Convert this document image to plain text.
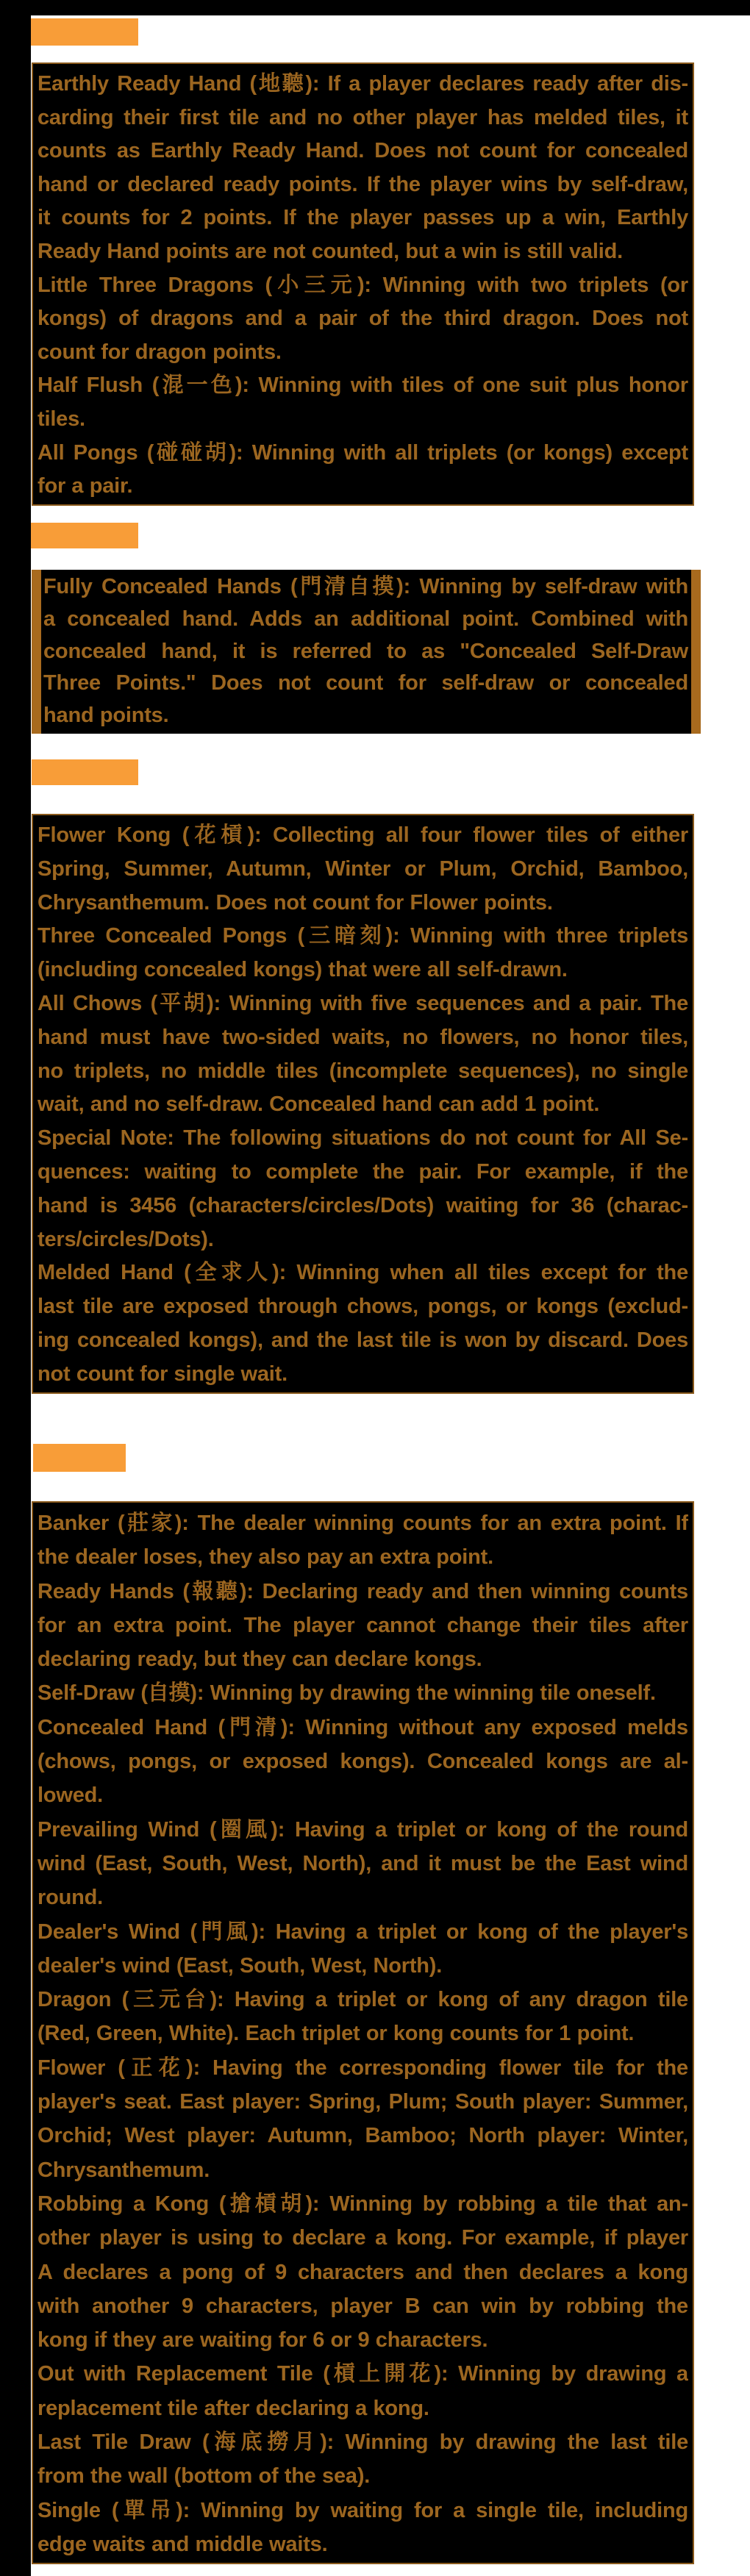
Earthly Ready Hand (地聽): If a player declares ready after dis-
carding their first tile and no other player has melded tiles, it
counts as Earthly Ready Hand. Does not count for concealed
hand or declared ready points. If the player wins by self-draw,
it counts for 2 points. If the player passes up a win, Earthly
Ready Hand points are not counted, but a win is still valid.
Little Three Dragons (小三元): Winning with two triplets (or
kongs) of dragons and a pair of the third dragon. Does not
count for dragon points.
Half Flush (混一色): Winning with tiles of one suit plus honor
tiles.
All Pongs (碰碰胡): Winning with all triplets (or kongs) except
for a pair.
Fully Concealed Hands (門清自摸): Winning by self-draw with
a concealed hand. Adds an additional point. Combined with
concealed hand, it is referred to as "Concealed Self-Draw
Three Points." Does not count for self-draw or concealed
hand points.
Flower Kong (花槓): Collecting all four flower tiles of either
Spring, Summer, Autumn, Winter or Plum, Orchid, Bamboo,
Chrysanthemum. Does not count for Flower points.
Three Concealed Pongs (三暗刻): Winning with three triplets
(including concealed kongs) that were all self-drawn.
All Chows (平胡): Winning with five sequences and a pair. The
hand must have two-sided waits, no flowers, no honor tiles,
no triplets, no middle tiles (incomplete sequences), no single
wait, and no self-draw. Concealed hand can add 1 point.
Special Note: The following situations do not count for All Se-
quences: waiting to complete the pair. For example, if the
hand is 3456 (characters/circles/Dots) waiting for 36 (charac-
ters/circles/Dots).
Melded Hand (全求人): Winning when all tiles except for the
last tile are exposed through chows, pongs, or kongs (exclud-
ing concealed kongs), and the last tile is won by discard. Does
not count for single wait.
Banker (莊家): The dealer winning counts for an extra point. If
the dealer loses, they also pay an extra point.
Ready Hands (報聽): Declaring ready and then winning counts
for an extra point. The player cannot change their tiles after
declaring ready, but they can declare kongs.
Self-Draw (自摸): Winning by drawing the winning tile oneself.
Concealed Hand (門清): Winning without any exposed melds
(chows, pongs, or exposed kongs). Concealed kongs are al-
lowed.
Prevailing Wind (圈風): Having a triplet or kong of the round
wind (East, South, West, North), and it must be the East wind
round.
Dealer's Wind (門風): Having a triplet or kong of the player's
dealer's wind (East, South, West, North).
Dragon (三元台): Having a triplet or kong of any dragon tile
(Red, Green, White). Each triplet or kong counts for 1 point.
Flower (正花): Having the corresponding flower tile for the
player's seat. East player: Spring, Plum; South player: Summer,
Orchid; West player: Autumn, Bamboo; North player: Winter,
Chrysanthemum.
Robbing a Kong (搶槓胡): Winning by robbing a tile that an-
other player is using to declare a kong. For example, if player
A declares a pong of 9 characters and then declares a kong
with another 9 characters, player B can win by robbing the
kong if they are waiting for 6 or 9 characters.
Out with Replacement Tile (槓上開花): Winning by drawing a
replacement tile after declaring a kong.
Last Tile Draw (海底撈月): Winning by drawing the last tile
from the wall (bottom of the sea).
Single (單吊): Winning by waiting for a single tile, including
edge waits and middle waits.
